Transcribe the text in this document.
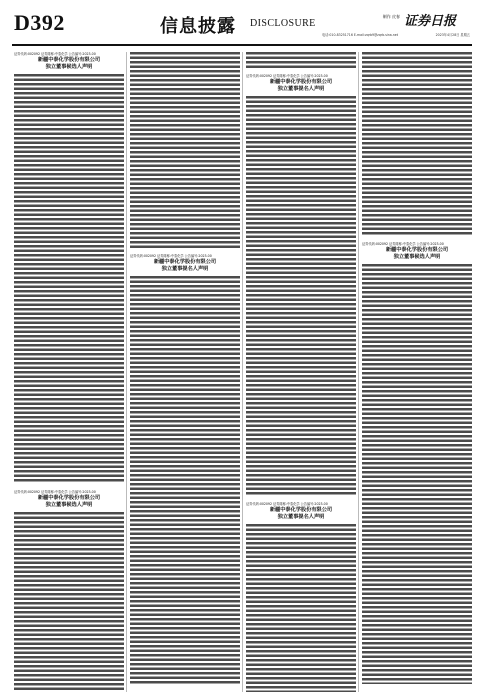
D392	信息披露 DISCLOSURE
制作 皮春 证券日报
电话:010-83251716 E-mail:zqrb9@zqrb.sina.net	2023年4月28日 星期五
证券代码:002092 证券简称:中泰化学 公告编号:2023-00
新疆中泰化学股份有限公司
独立董事候选人声明
证券代码:002092 证券简称:中泰化学 公告编号:2023-00
新疆中泰化学股份有限公司
独立董事候选人声明
证券代码:002092 证券简称:中泰化学 公告编号:2023-00
新疆中泰化学股份有限公司
独立董事提名人声明
证券代码:002092 证券简称:中泰化学 公告编号:2023-00
新疆中泰化学股份有限公司
独立董事提名人声明
证券代码:002092 证券简称:中泰化学 公告编号:2023-00
新疆中泰化学股份有限公司
独立董事提名人声明
证券代码:002092 证券简称:中泰化学 公告编号:2023-00
新疆中泰化学股份有限公司
独立董事候选人声明
